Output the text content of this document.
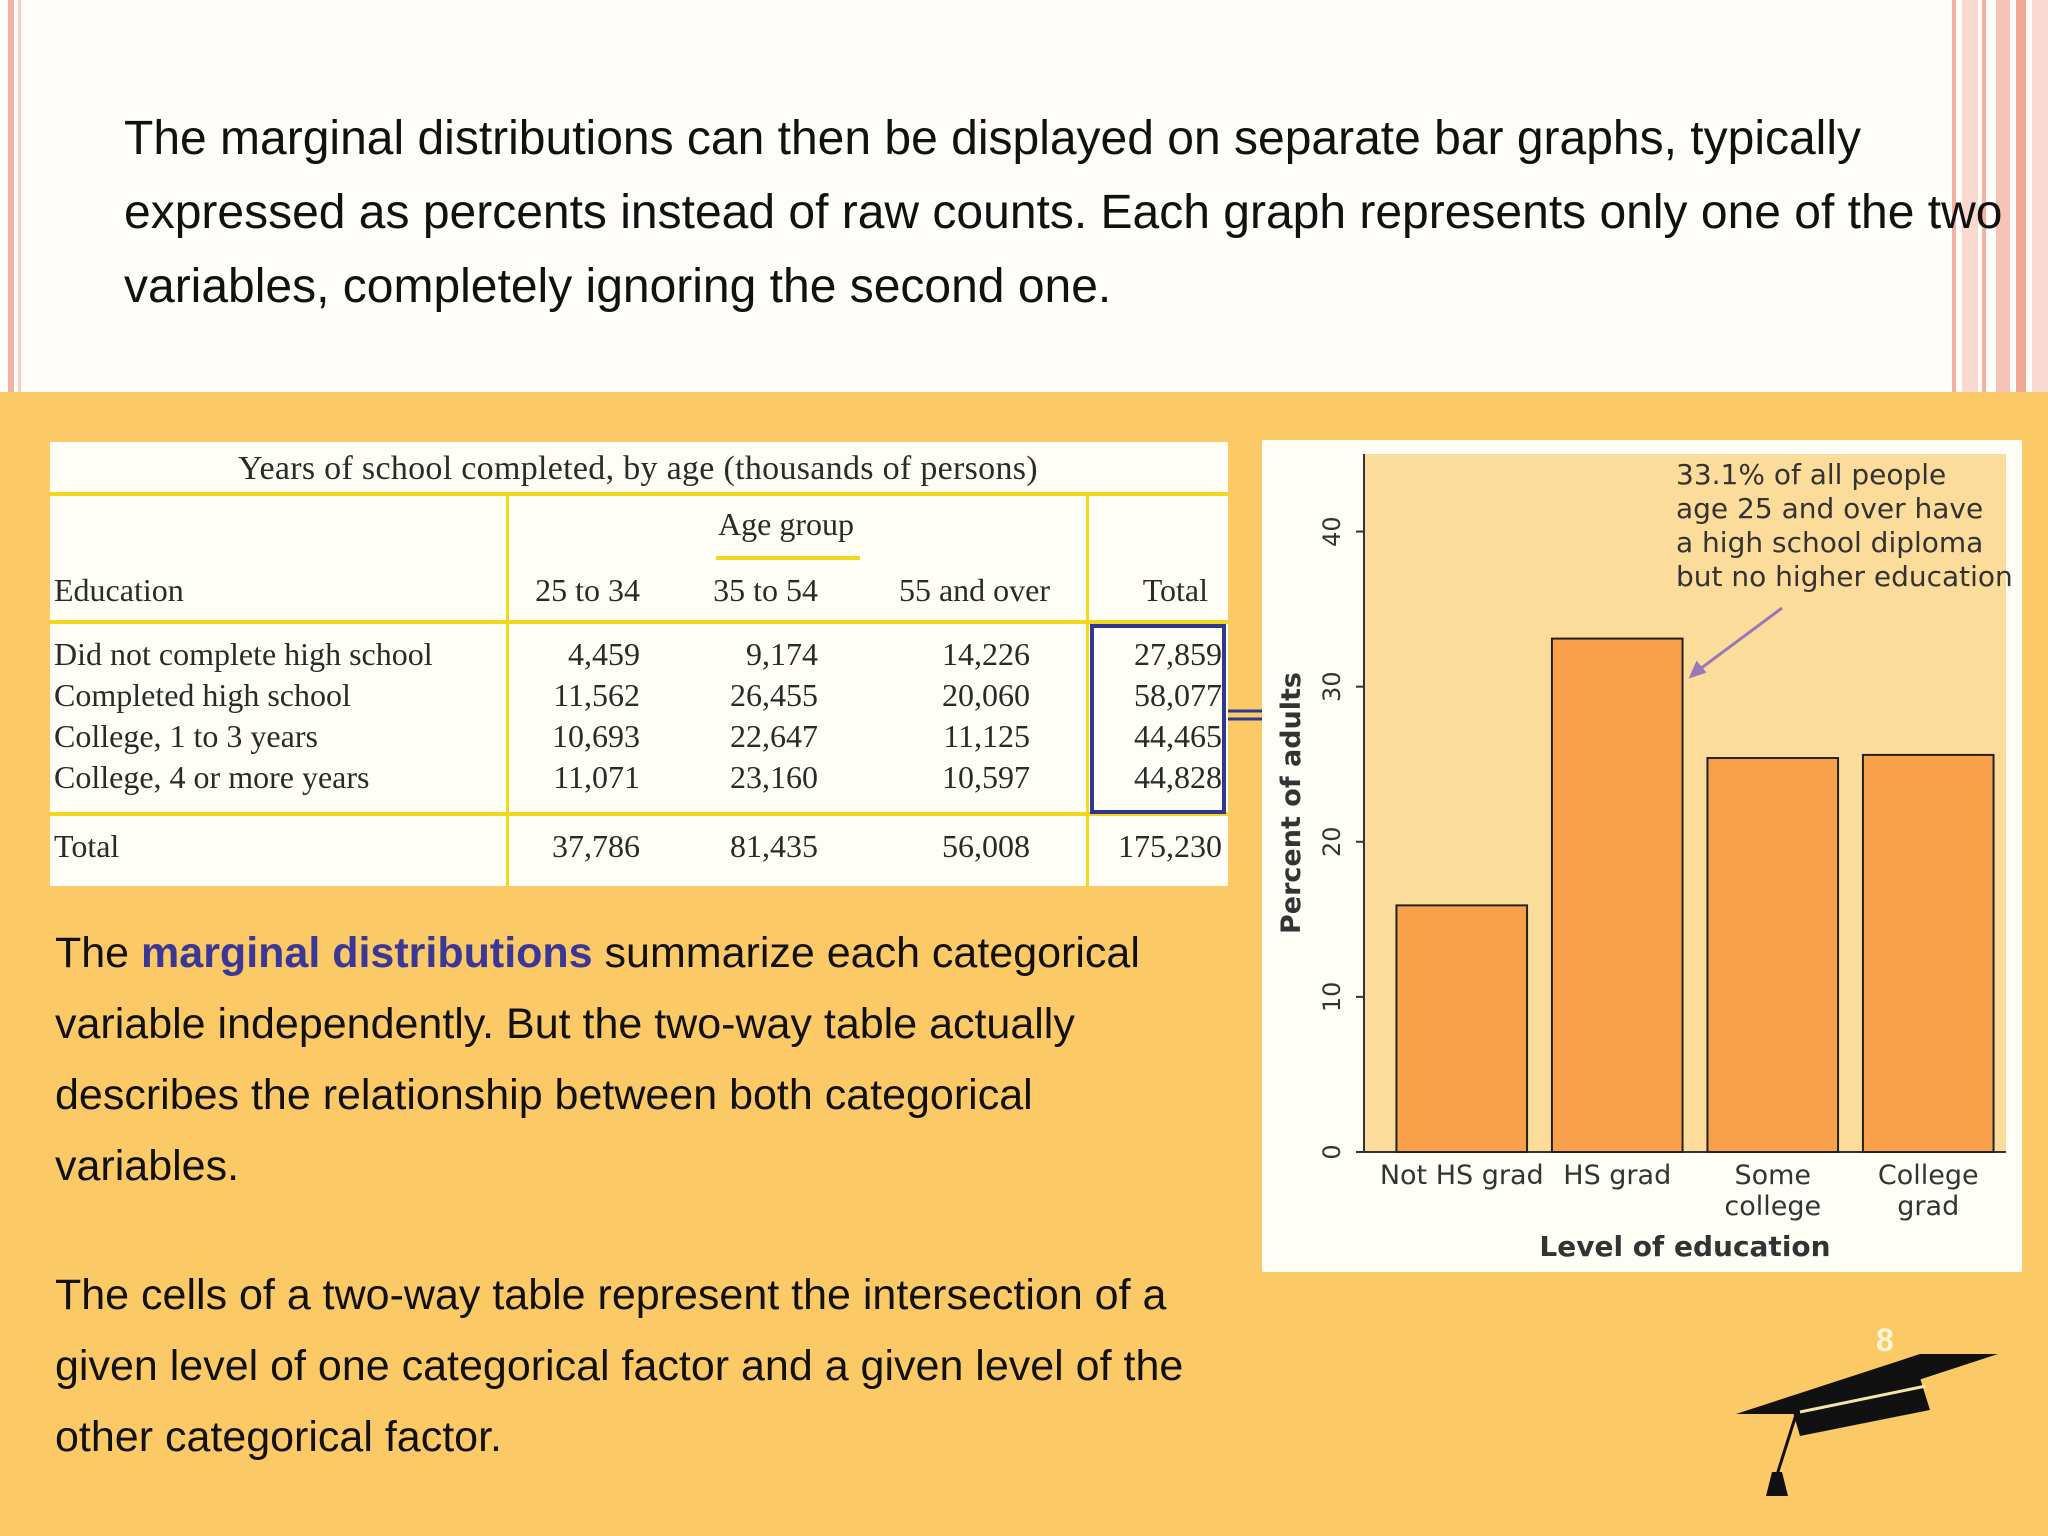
The marginal distributions can then be displayed on separate bar graphs, typically expressed as percents instead of raw counts. Each graph represents only one of the two variables, completely ignoring the second one.
Years of school completed, by age (thousands of persons)
Age group
Education	25 to 34	35 to 54	55 and over	Total
Did not complete high school	4,459	9,174	14,226	27,859
Completed high school	11,562	26,455	20,060	58,077
College, 1 to 3 years	10,693	22,647	11,125	44,465
College, 4 or more years	11,071	23,160	10,597	44,828
Total	37,786	81,435	56,008	175,230
The marginal distributions summarize each categorical variable independently. But the two-way table actually describes the relationship between both categorical variables.
The cells of a two-way table represent the intersection of a given level of one categorical factor and a given level of the other categorical factor.
0
10
20
30
40
Not HS grad HS grad Some
college
College
grad
Level of education
Percent of adults
33.1% of all people
age 25 and over have
a high school diploma
but no higher education
8
